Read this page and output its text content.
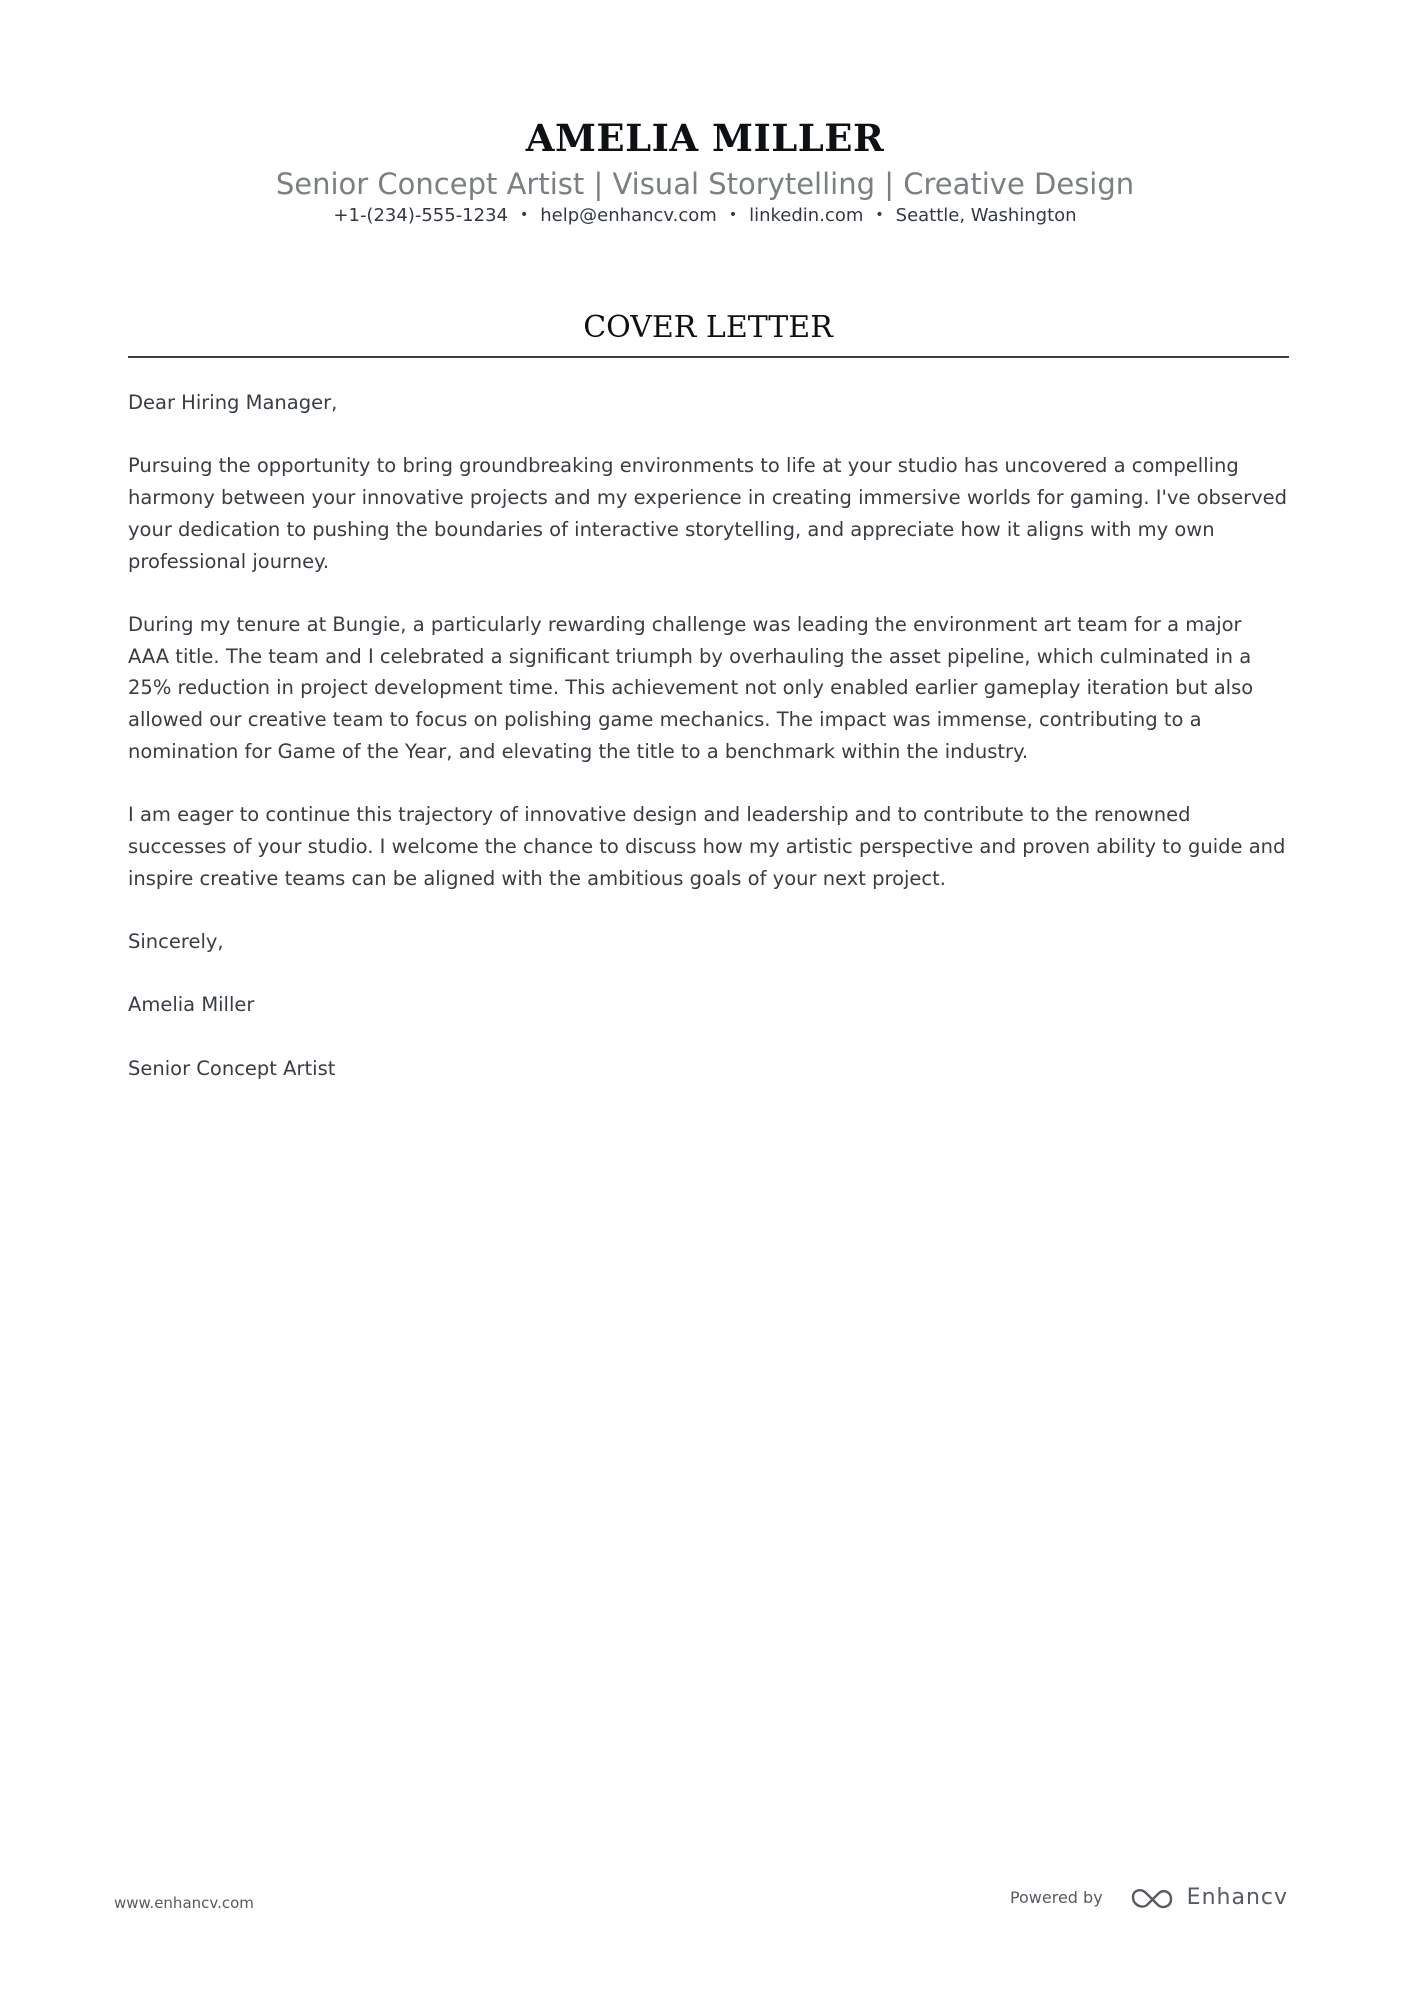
AMELIA MILLER
Senior Concept Artist | Visual Storytelling | Creative Design
+1-(234)-555-1234 • help@enhancv.com • linkedin.com • Seattle, Washington
COVER LETTER

Dear Hiring Manager,

Pursuing the opportunity to bring groundbreaking environments to life at your studio has uncovered a compelling harmony between your innovative projects and my experience in creating immersive worlds for gaming. I've observed your dedication to pushing the boundaries of interactive storytelling, and appreciate how it aligns with my own professional journey.

During my tenure at Bungie, a particularly rewarding challenge was leading the environment art team for a major AAA title. The team and I celebrated a significant triumph by overhauling the asset pipeline, which culminated in a 25% reduction in project development time. This achievement not only enabled earlier gameplay iteration but also allowed our creative team to focus on polishing game mechanics. The impact was immense, contributing to a nomination for Game of the Year, and elevating the title to a benchmark within the industry.

I am eager to continue this trajectory of innovative design and leadership and to contribute to the renowned successes of your studio. I welcome the chance to discuss how my artistic perspective and proven ability to guide and inspire creative teams can be aligned with the ambitious goals of your next project.

Sincerely,

Amelia Miller

Senior Concept Artist

www.enhancv.com	Powered by	Enhancv
